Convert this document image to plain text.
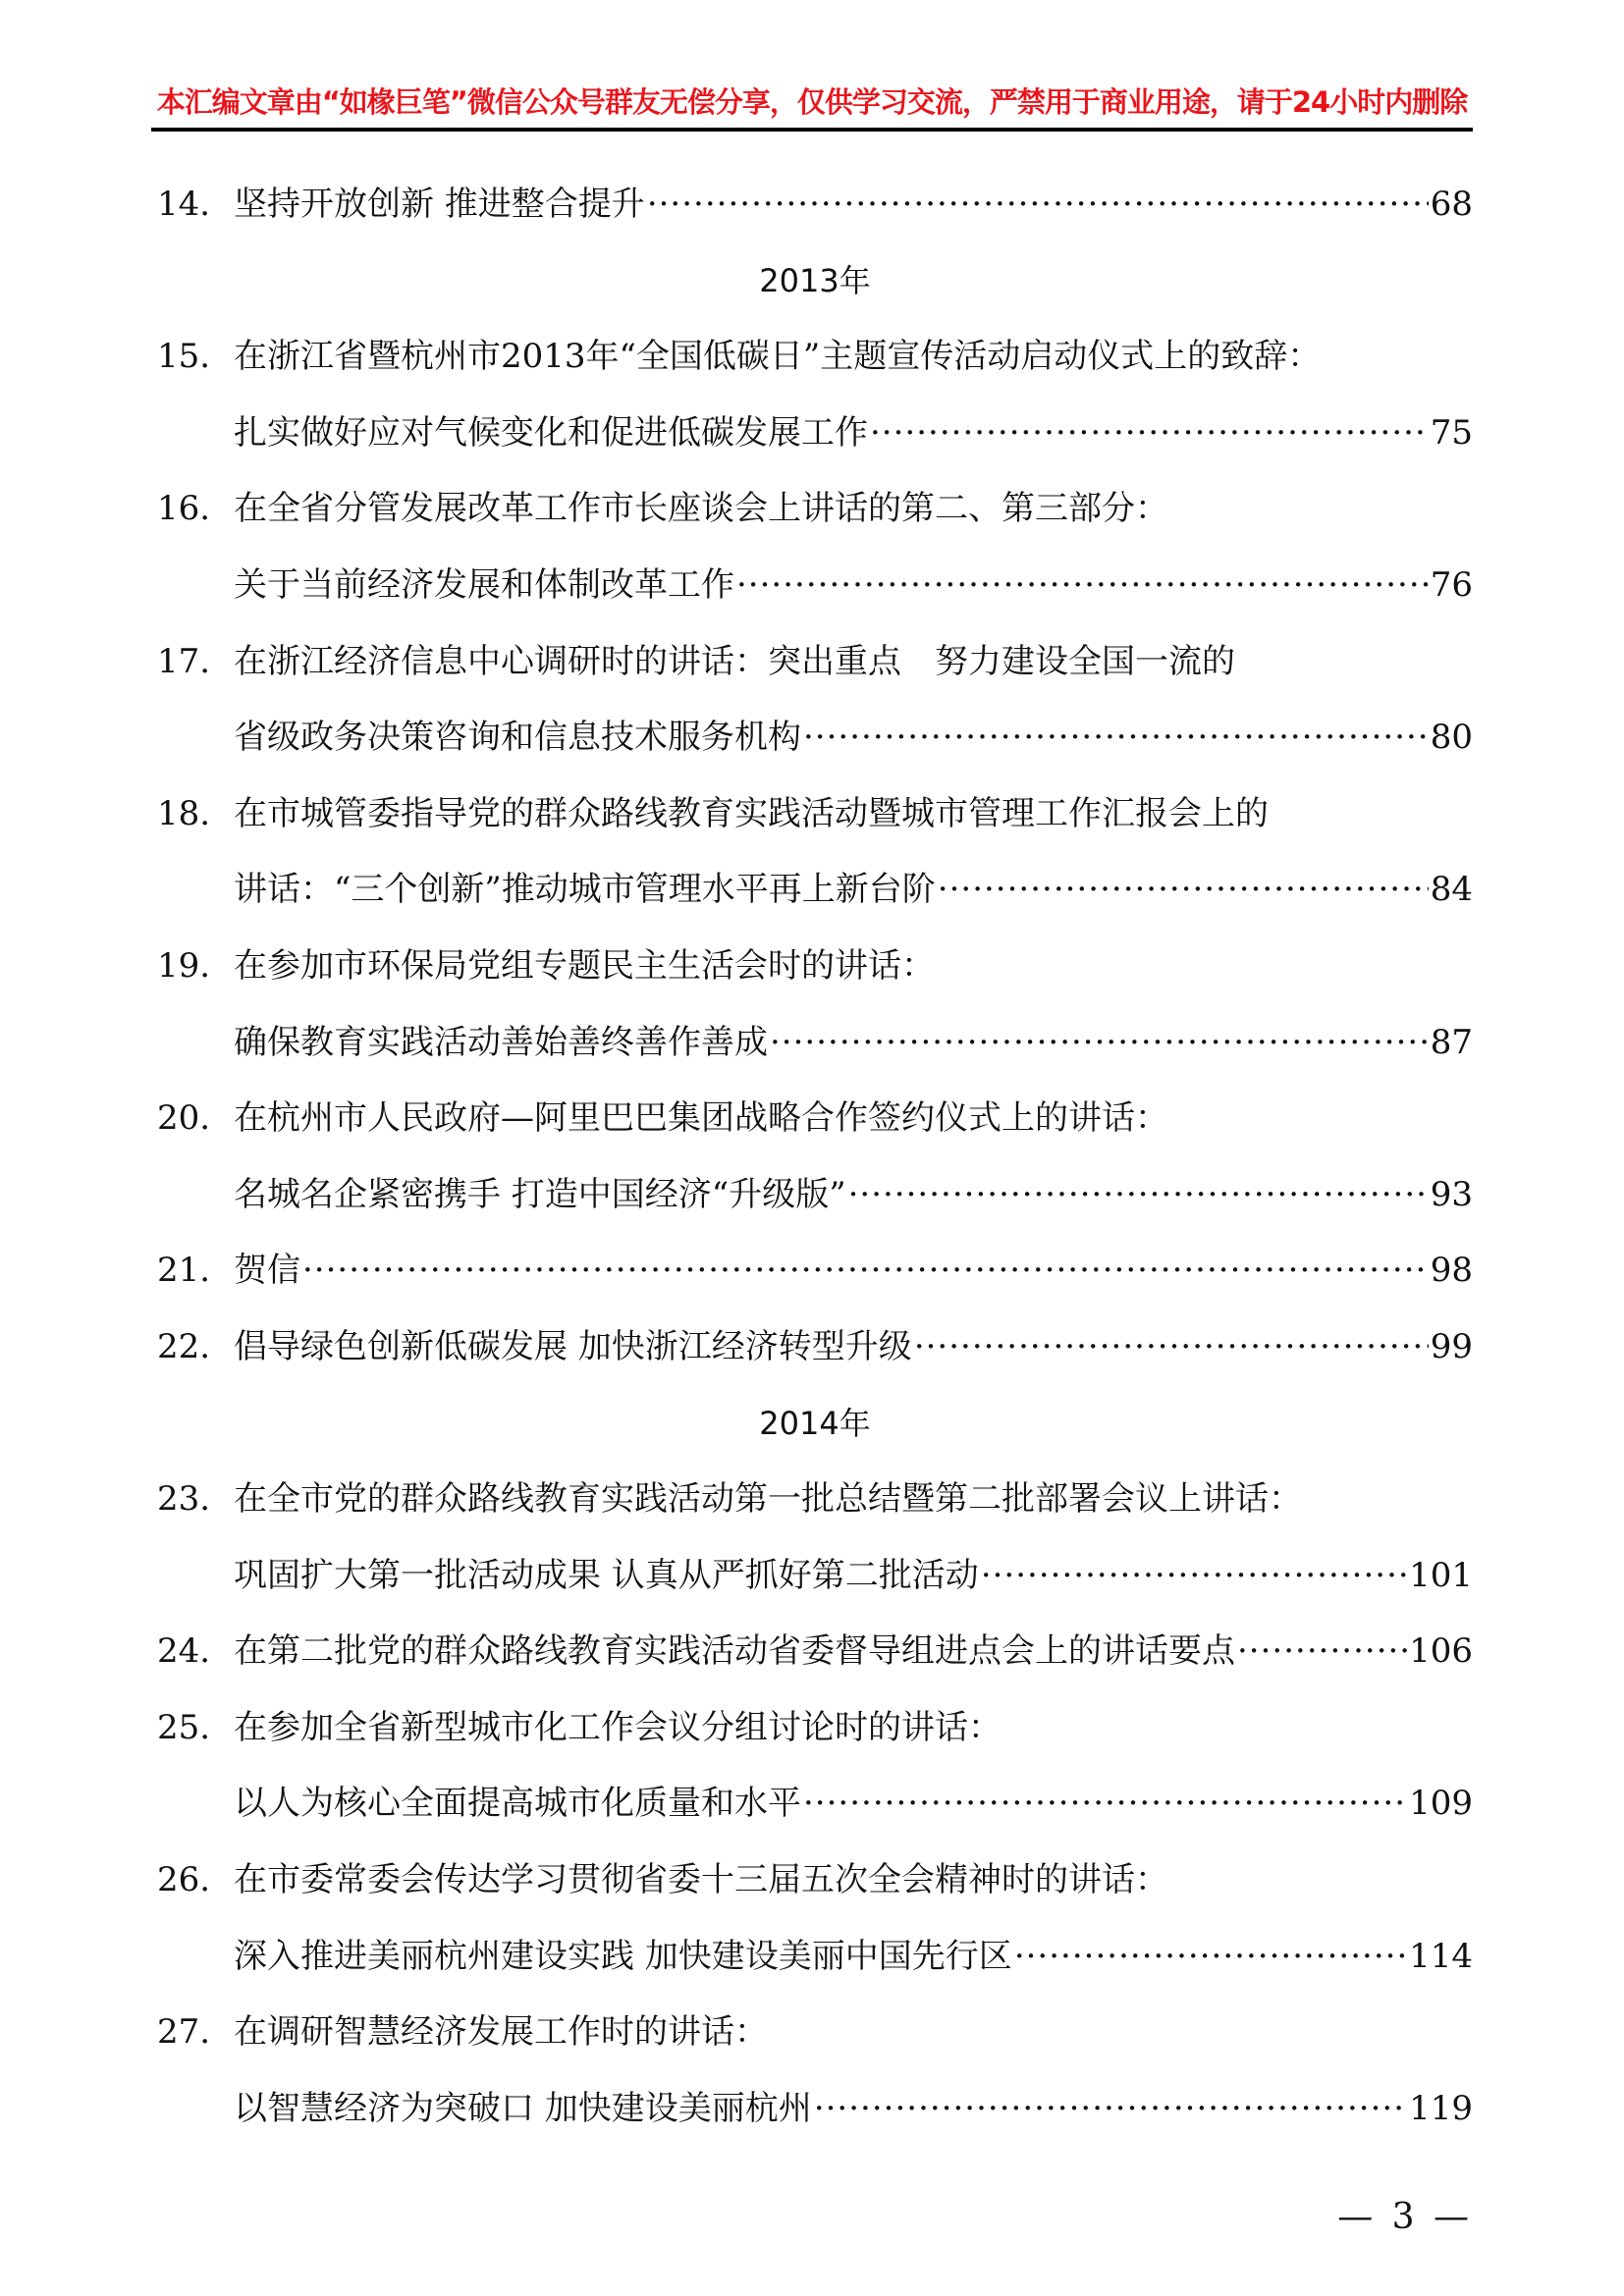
本汇编文章由“如椽巨笔”微信公众号群友无偿分享，仅供学习交流，严禁用于商业用途，请于24小时内删除
14. 坚持开放创新 推进整合提升 ·····	68
2013年
15. 在浙江省暨杭州市2013年“全国低碳日”主题宣传活动启动仪式上的致辞：
扎实做好应对气候变化和促进低碳发展工作 ·····	75
16. 在全省分管发展改革工作市长座谈会上讲话的第二、第三部分：
关于当前经济发展和体制改革工作 ·····	76
17. 在浙江经济信息中心调研时的讲话：突出重点　努力建设全国一流的
省级政务决策咨询和信息技术服务机构 ·····	80
18. 在市城管委指导党的群众路线教育实践活动暨城市管理工作汇报会上的
讲话：“三个创新”推动城市管理水平再上新台阶 ·····	84
19. 在参加市环保局党组专题民主生活会时的讲话：
确保教育实践活动善始善终善作善成 ·····	87
20. 在杭州市人民政府—阿里巴巴集团战略合作签约仪式上的讲话：
名城名企紧密携手 打造中国经济“升级版” ·····	93
21. 贺信 ·····	98
22. 倡导绿色创新低碳发展 加快浙江经济转型升级 ·····	99
2014年
23. 在全市党的群众路线教育实践活动第一批总结暨第二批部署会议上讲话：
巩固扩大第一批活动成果 认真从严抓好第二批活动 ·····	101
24. 在第二批党的群众路线教育实践活动省委督导组进点会上的讲话要点 ·····	106
25. 在参加全省新型城市化工作会议分组讨论时的讲话：
以人为核心全面提高城市化质量和水平 ·····	109
26. 在市委常委会传达学习贯彻省委十三届五次全会精神时的讲话：
深入推进美丽杭州建设实践 加快建设美丽中国先行区 ·····	114
27. 在调研智慧经济发展工作时的讲话：
以智慧经济为突破口 加快建设美丽杭州 ·····	119
— 3 —
